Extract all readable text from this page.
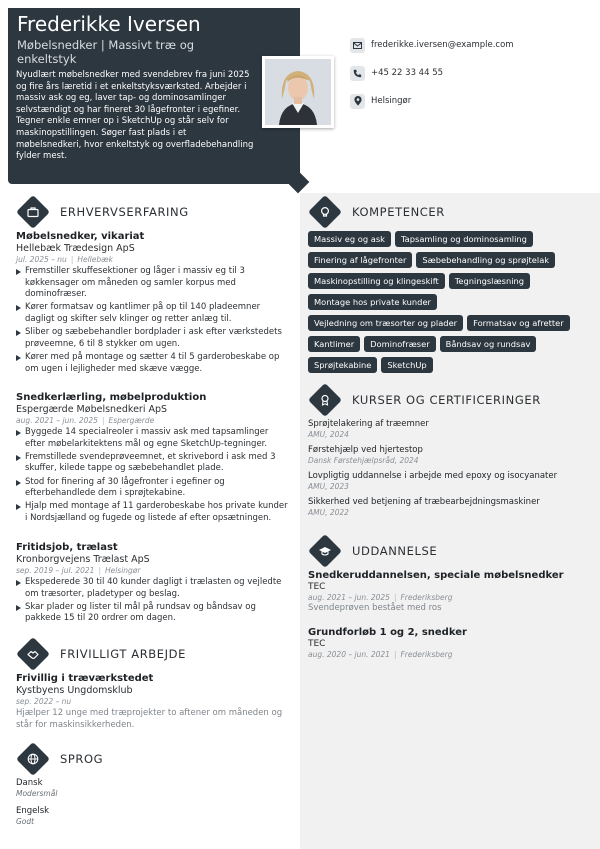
Frederikke Iversen
Møbelsnedker | Massivt træ og enkeltstyk
Nyudlært møbelsnedker med svendebrev fra juni 2025 og fire års læretid i et enkeltstyksværksted. Arbejder i massiv ask og eg, laver tap- og dominosamlinger selvstændigt og har fineret 30 lågefronter i egefiner. Tegner enkle emner op i SketchUp og står selv for maskinopstillingen. Søger fast plads i et møbelsnedkeri, hvor enkeltstyk og overfladebehandling fylder mest.
frederikke.iversen@example.com
+45 22 33 44 55
Helsingør
ERHVERVSERFARING
Møbelsnedker, vikariat
Hellebæk Trædesign ApS
jul. 2025 – nu | Hellebæk
Fremstiller skuffesektioner og låger i massiv eg til 3 køkkensager om måneden og samler korpus med dominofræser.
Kører formatsav og kantlimer på op til 140 pladeemner dagligt og skifter selv klinger og retter anlæg til.
Sliber og sæbebehandler bordplader i ask efter værkstedets prøveemne, 6 til 8 stykker om ugen.
Kører med på montage og sætter 4 til 5 garderobeskabe op om ugen i lejligheder med skæve vægge.
Snedkerlærling, møbelproduktion
Espergærde Møbelsnedkeri ApS
aug. 2021 – jun. 2025 | Espergærde
Byggede 14 specialreoler i massiv ask med tapsamlinger efter møbelarkitektens mål og egne SketchUp-tegninger.
Fremstillede svendeprøveemnet, et skrivebord i ask med 3 skuffer, kilede tappe og sæbebehandlet plade.
Stod for finering af 30 lågefronter i egefiner og efterbehandlede dem i sprøjtekabine.
Hjalp med montage af 11 garderobeskabe hos private kunder i Nordsjælland og fugede og listede af efter opsætningen.
Fritidsjob, trælast
Kronborgvejens Trælast ApS
sep. 2019 – jul. 2021 | Helsingør
Ekspederede 30 til 40 kunder dagligt i trælasten og vejledte om træsorter, pladetyper og beslag.
Skar plader og lister til mål på rundsav og båndsav og pakkede 15 til 20 ordrer om dagen.
FRIVILLIGT ARBEJDE
Frivillig i træværkstedet
Kystbyens Ungdomsklub
sep. 2022 – nu
Hjælper 12 unge med træprojekter to aftener om måneden og står for maskinsikkerheden.
SPROG
Dansk
Modersmål
Engelsk
Godt
KOMPETENCER
Massiv eg og ask	Tapsamling og dominosamling
Finering af lågefronter	Sæbebehandling og sprøjtelak
Maskinopstilling og klingeskift	Tegningslæsning
Montage hos private kunder
Vejledning om træsorter og plader	Formatsav og afretter
Kantlimer	Dominofræser	Båndsav og rundsav
Sprøjtekabine	SketchUp
KURSER OG CERTIFICERINGER
Sprøjtelakering af træemner
AMU, 2024
Førstehjælp ved hjertestop
Dansk Førstehjælpsråd, 2024
Lovpligtig uddannelse i arbejde med epoxy og isocyanater
AMU, 2023
Sikkerhed ved betjening af træbearbejdningsmaskiner
AMU, 2022
UDDANNELSE
Snedkeruddannelsen, speciale møbelsnedker
TEC
aug. 2021 – jun. 2025 | Frederiksberg
Svendeprøven bestået med ros
Grundforløb 1 og 2, snedker
TEC
aug. 2020 – jun. 2021 | Frederiksberg
